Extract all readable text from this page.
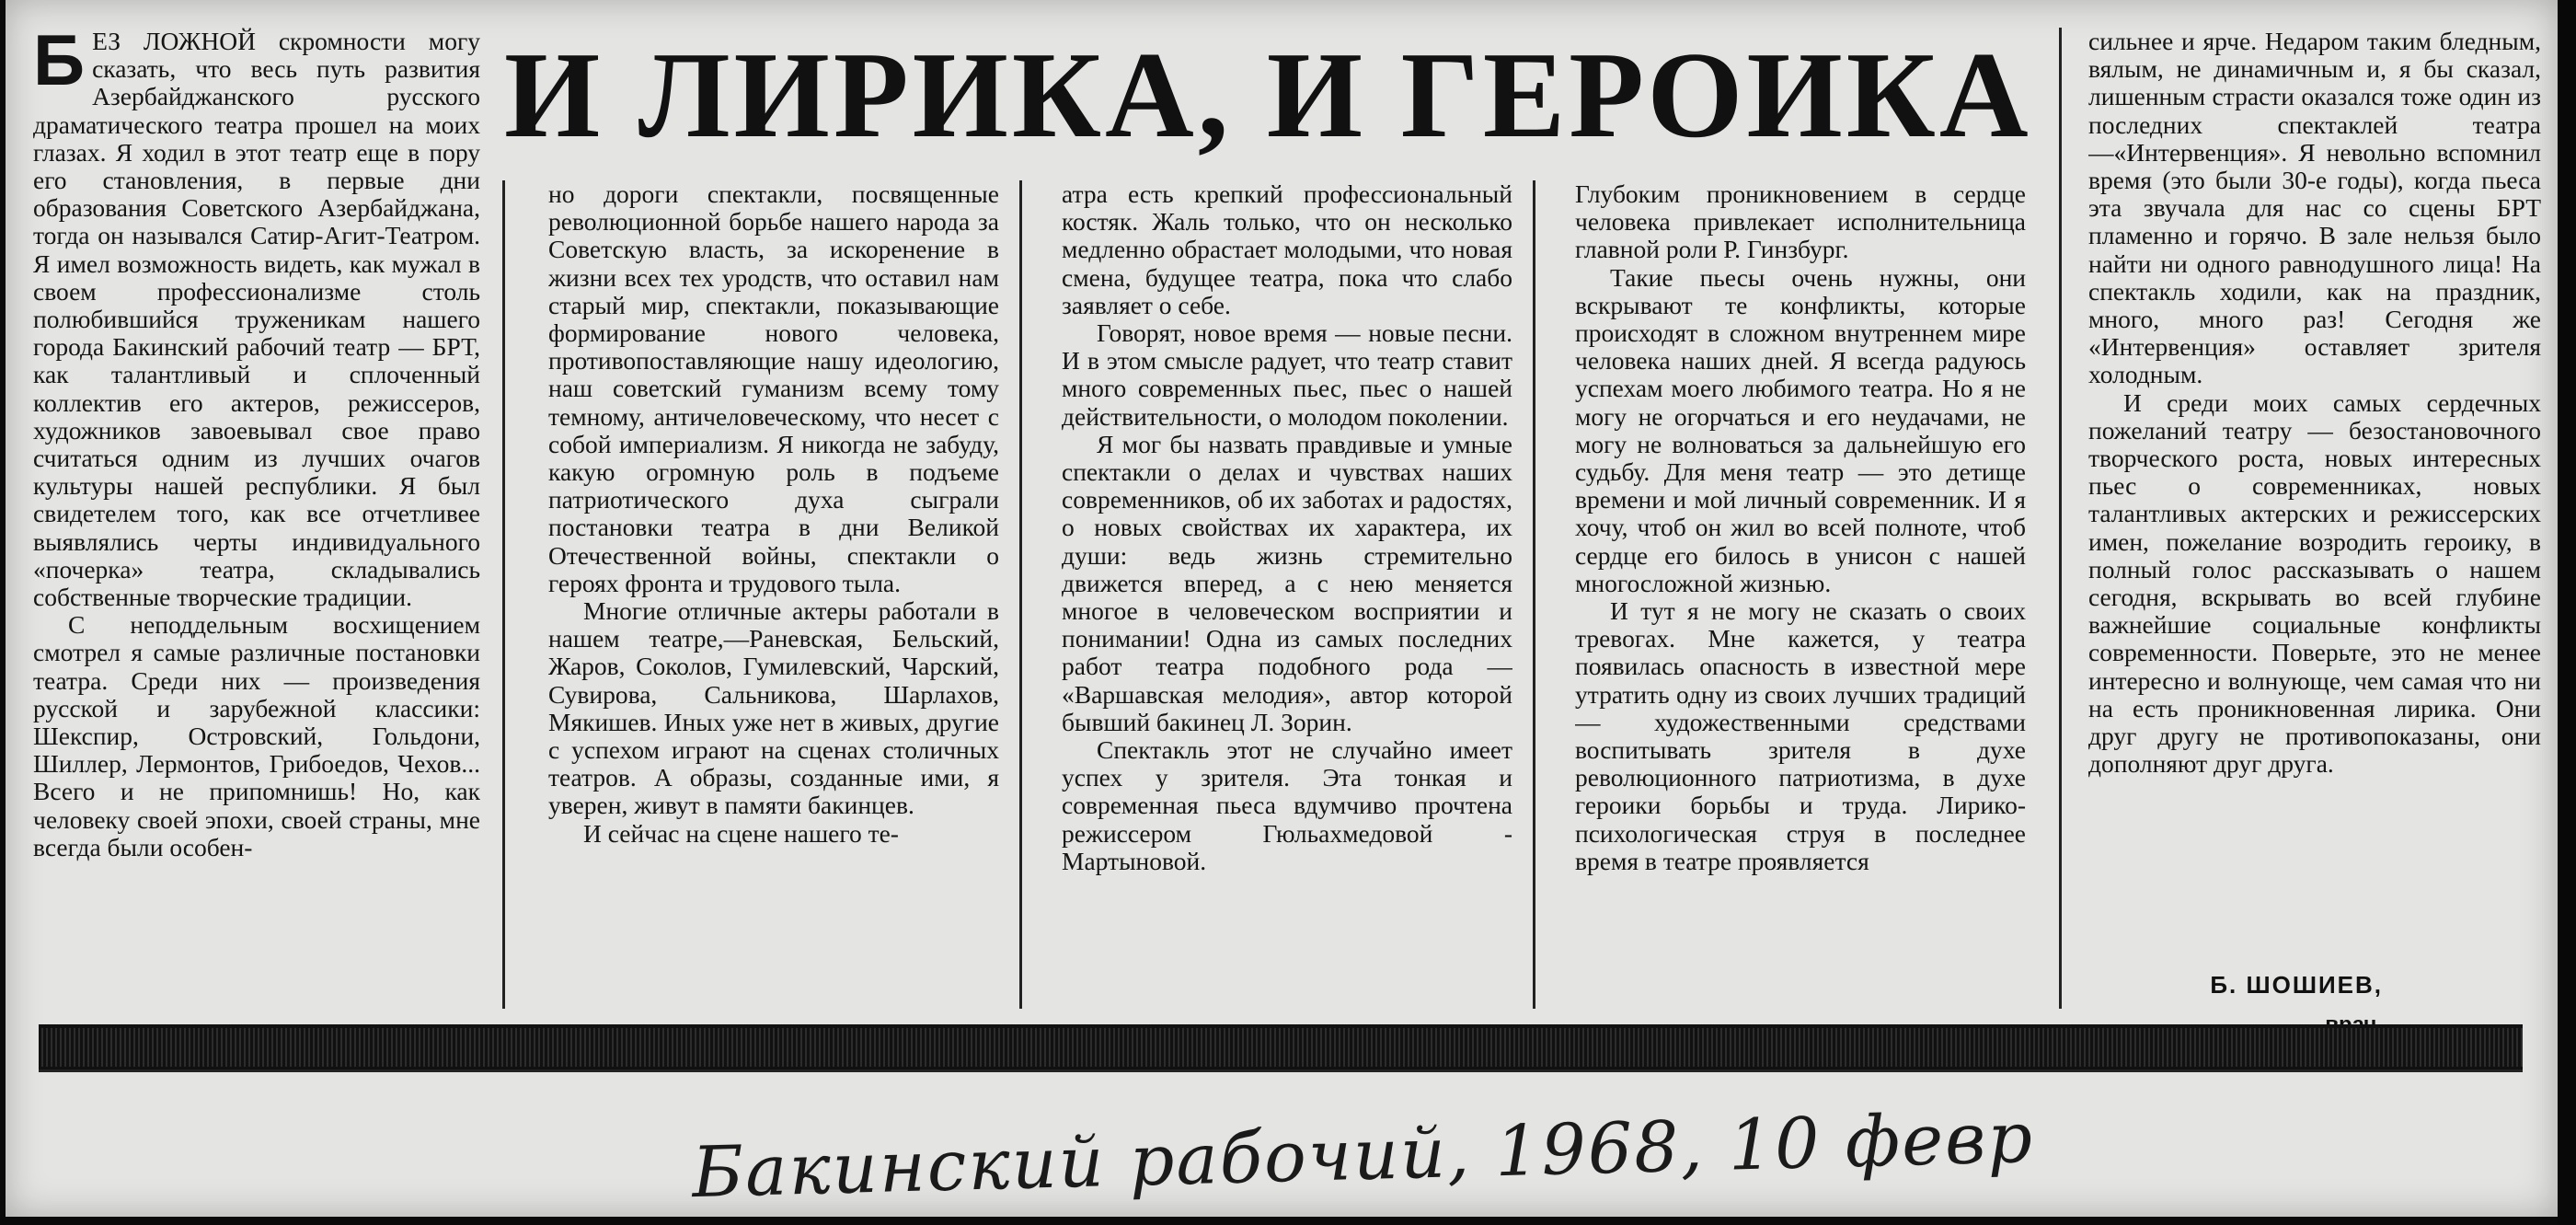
И ЛИРИКА, И ГЕРОИКА

БЕЗ ЛОЖНОЙ скромности могу сказать, что весь путь развития Азербайджанского русского драматического театра прошел на моих глазах. Я ходил в этот театр еще в пору его становления, в первые дни образования Советского Азербайджана, тогда он назывался Сатир-Агит-Театром. Я имел возможность видеть, как мужал в своем профессионализме столь полюбившийся труженикам нашего города Бакинский рабочий театр — БРТ, как талантливый и сплоченный коллектив его актеров, режиссеров, художников завоевывал свое право считаться одним из лучших очагов культуры нашей республики. Я был свидетелем того, как все отчетливее выявлялись черты индивидуального «почерка» театра, складывались собственные творческие традиции.

С неподдельным восхищением смотрел я самые различные постановки театра. Среди них — произведения русской и зарубежной классики: Шекспир, Островский, Гольдони, Шиллер, Лермонтов, Грибоедов, Чехов... Всего и не припомнишь! Но, как человеку своей эпохи, своей страны, мне всегда были особен-

но дороги спектакли, посвященные революционной борьбе нашего народа за Советскую власть, за искоренение в жизни всех тех уродств, что оставил нам старый мир, спектакли, показывающие формирование нового человека, противопоставляющие нашу идеологию, наш советский гуманизм всему тому темному, античеловеческому, что несет с собой империализм. Я никогда не забуду, какую огромную роль в подъеме патриотического духа сыграли постановки театра в дни Великой Отечественной войны, спектакли о героях фронта и трудового тыла.

Многие отличные актеры работали в нашем театре,—Раневская, Бельский, Жаров, Соколов, Гумилевский, Чарский, Сувирова, Сальникова, Шарлахов, Мякишев. Иных уже нет в живых, другие с успехом играют на сценах столичных театров. А образы, созданные ими, я уверен, живут в памяти бакинцев.

И сейчас на сцене нашего те-

атра есть крепкий профессиональный костяк. Жаль только, что он несколько медленно обрастает молодыми, что новая смена, будущее театра, пока что слабо заявляет о себе.

Говорят, новое время — новые песни. И в этом смысле радует, что театр ставит много современных пьес, пьес о нашей действительности, о молодом поколении.

Я мог бы назвать правдивые и умные спектакли о делах и чувствах наших современников, об их заботах и радостях, о новых свойствах их характера, их души: ведь жизнь стремительно движется вперед, а с нею меняется многое в человеческом восприятии и понимании! Одна из самых последних работ театра подобного рода — «Варшавская мелодия», автор которой бывший бакинец Л. Зорин.

Спектакль этот не случайно имеет успех у зрителя. Эта тонкая и современная пьеса вдумчиво прочтена режиссером Гюльахмедовой - Мартыновой.

Глубоким проникновением в сердце человека привлекает исполнительница главной роли Р. Гинзбург.

Такие пьесы очень нужны, они вскрывают те конфликты, которые происходят в сложном внутреннем мире человека наших дней. Я всегда радуюсь успехам моего любимого театра. Но я не могу не огорчаться и его неудачами, не могу не волноваться за дальнейшую его судьбу. Для меня театр — это детище времени и мой личный современник. И я хочу, чтоб он жил во всей полноте, чтоб сердце его билось в унисон с нашей многосложной жизнью.

И тут я не могу не сказать о своих тревогах. Мне кажется, у театра появилась опасность в известной мере утратить одну из своих лучших традиций — художественными средствами воспитывать зрителя в духе революционного патриотизма, в духе героики борьбы и труда. Лирико-психологическая струя в последнее время в театре проявляется

сильнее и ярче. Недаром таким бледным, вялым, не динамичным и, я бы сказал, лишенным страсти оказался тоже один из последних спектаклей театра—«Интервенция». Я невольно вспомнил время (это были 30-е годы), когда пьеса эта звучала для нас со сцены БРТ пламенно и горячо. В зале нельзя было найти ни одного равнодушного лица! На спектакль ходили, как на праздник, много, много раз! Сегодня же «Интервенция» оставляет зрителя холодным.

И среди моих самых сердечных пожеланий театру — безостановочного творческого роста, новых интересных пьес о современниках, новых талантливых актерских и режиссерских имен, пожелание возродить героику, в полный голос рассказывать о нашем сегодня, вскрывать во всей глубине важнейшие социальные конфликты современности. Поверьте, это не менее интересно и волнующе, чем самая что ни на есть проникновенная лирика. Они друг другу не противопоказаны, они дополняют друг друга.

Б. ШОШИЕВ,
Бакинский рабочий, 1968, 10 февр
